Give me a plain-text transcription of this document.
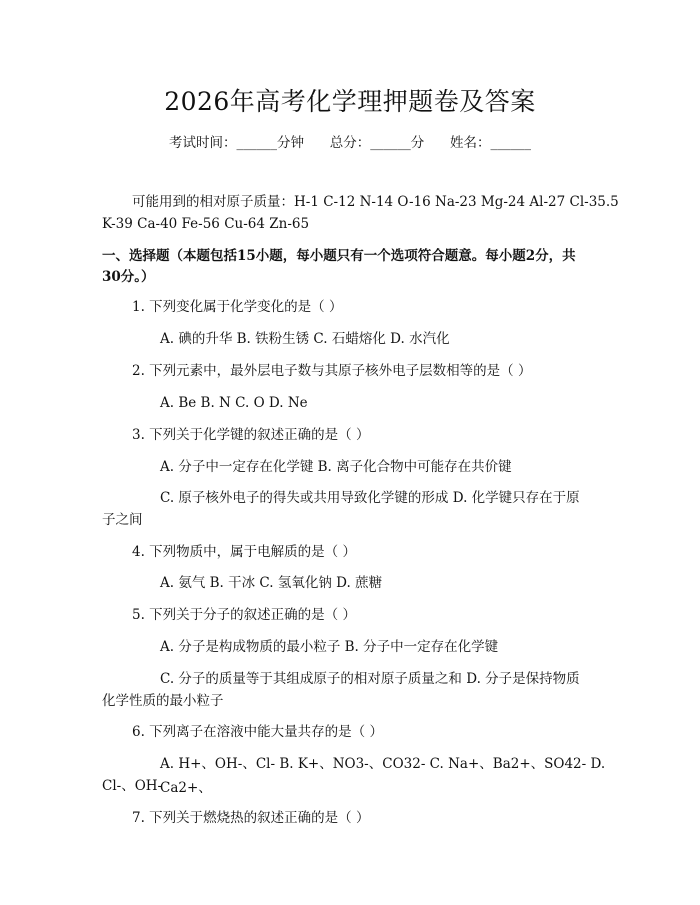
2026年高考化学理押题卷及答案
考试时间：______分钟      总分：______分      姓名：______
可能用到的相对原子质量：H-1 C-12 N-14 O-16 Na-23 Mg-24 Al-27 Cl-35.5
K-39 Ca-40 Fe-56 Cu-64 Zn-65
一、选择题（本题包括15小题，每小题只有一个选项符合题意。每小题2分，共
30分。）
1. 下列变化属于化学变化的是（ ）
A. 碘的升华 B. 铁粉生锈 C. 石蜡熔化 D. 水汽化
2. 下列元素中，最外层电子数与其原子核外电子层数相等的是（ ）
A. Be B. N C. O D. Ne
3. 下列关于化学键的叙述正确的是（ ）
A. 分子中一定存在化学键 B. 离子化合物中可能存在共价键
C. 原子核外电子的得失或共用导致化学键的形成 D. 化学键只存在于原
子之间
4. 下列物质中，属于电解质的是（ ）
A. 氨气 B. 干冰 C. 氢氧化钠 D. 蔗糖
5. 下列关于分子的叙述正确的是（ ）
A. 分子是构成物质的最小粒子 B. 分子中一定存在化学键
C. 分子的质量等于其组成原子的相对原子质量之和 D. 分子是保持物质
化学性质的最小粒子
6. 下列离子在溶液中能大量共存的是（ ）
A. H+、OH-、Cl- B. K+、NO3-、CO32- C. Na+、Ba2+、SO42- D. Ca2+、
Cl-、OH-
7. 下列关于燃烧热的叙述正确的是（ ）
